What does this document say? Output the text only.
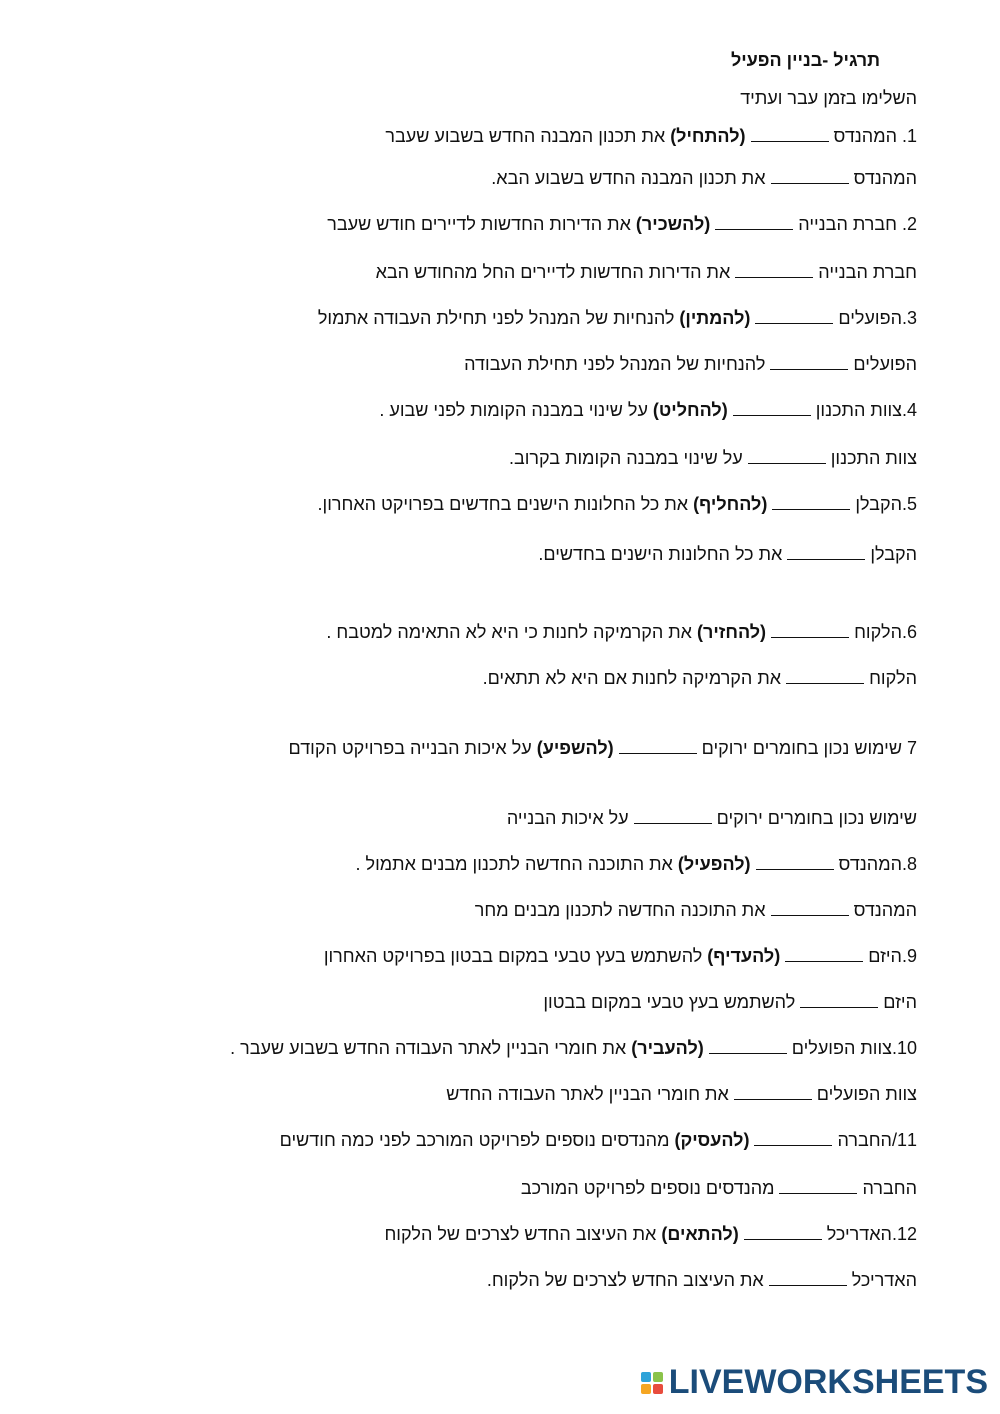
תרגיל -בניין הפעיל
השלימו בזמן עבר ועתיד
1. המהנדס  (להתחיל) את תכנון המבנה החדש בשבוע שעבר
המהנדס  את תכנון המבנה החדש בשבוע הבא.
2. חברת הבנייה  (להשכיר) את הדירות החדשות לדיירים חודש שעבר
חברת הבנייה  את הדירות החדשות לדיירים החל מהחודש הבא
3.הפועלים  (להמתין) להנחיות של המנהל לפני תחילת העבודה אתמול
הפועלים  להנחיות של המנהל לפני תחילת העבודה
4.צוות התכנון  (להחליט) על שינוי במבנה הקומות לפני שבוע .
צוות התכנון  על שינוי במבנה הקומות בקרוב.
5.הקבלן  (להחליף) את כל החלונות הישנים בחדשים בפרויקט האחרון.
הקבלן  את כל החלונות הישנים בחדשים.
6.הלקוח  (להחזיר) את הקרמיקה לחנות כי היא לא התאימה למטבח .
הלקוח  את הקרמיקה לחנות אם היא לא תתאים.
7 שימוש נכון בחומרים ירוקים  (להשפיע) על איכות הבנייה בפרויקט הקודם
שימוש נכון בחומרים ירוקים  על איכות הבנייה
8.המהנדס  (להפעיל) את התוכנה החדשה לתכנון מבנים אתמול .
המהנדס  את התוכנה החדשה לתכנון מבנים מחר
9.היזם  (להעדיף) להשתמש בעץ טבעי במקום בבטון בפרויקט האחרון
היזם  להשתמש בעץ טבעי במקום בבטון
10.צוות הפועלים  (להעביר) את חומרי הבניין לאתר העבודה החדש בשבוע שעבר .
צוות הפועלים  את חומרי הבניין לאתר העבודה החדש
11/החברה  (להעסיק) מהנדסים נוספים לפרויקט המורכב לפני כמה חודשים
החברה  מהנדסים נוספים לפרויקט המורכב
12.האדריכל  (להתאים) את העיצוב החדש לצרכים של הלקוח
האדריכל  את העיצוב החדש לצרכים של הלקוח.
LIVEWORKSHEETS
